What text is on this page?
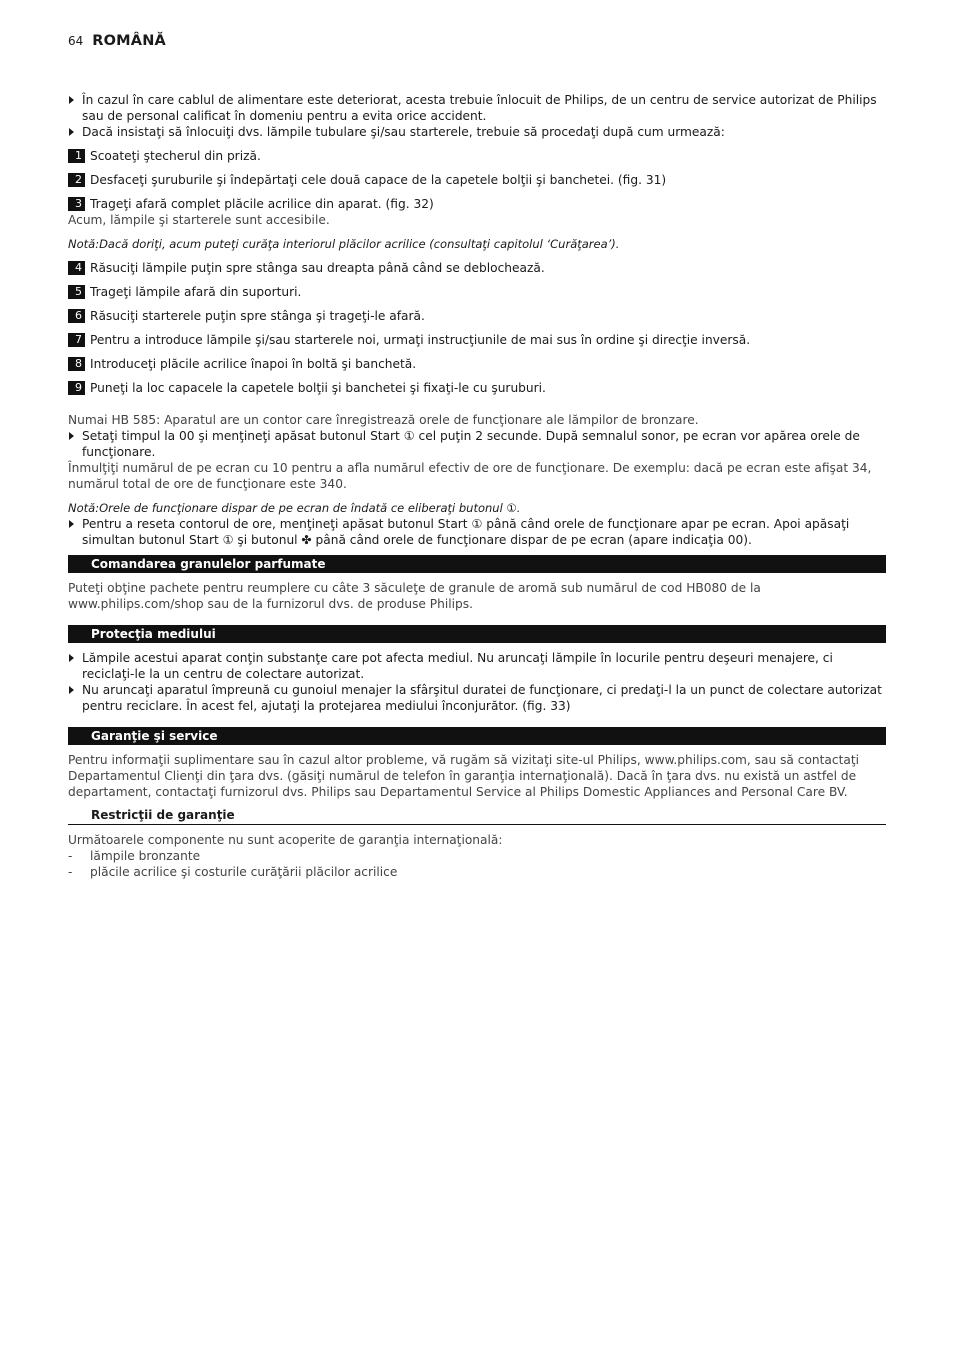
64 ROMÂNĂ

În cazul în care cablul de alimentare este deteriorat, acesta trebuie înlocuit de Philips, de un centru de service autorizat de Philips sau de personal calificat în domeniu pentru a evita orice accident.

Dacă insistaţi să înlocuiţi dvs. lămpile tubulare şi/sau starterele, trebuie să procedaţi după cum urmează:

1 Scoateţi ştecherul din priză.

2 Desfaceţi şuruburile şi îndepărtaţi cele două capace de la capetele bolţii şi banchetei. (fig. 31)

3 Trageţi afară complet plăcile acrilice din aparat. (fig. 32)

Acum, lămpile şi starterele sunt accesibile.

Notă:Dacă doriţi, acum puteţi curăţa interiorul plăcilor acrilice (consultaţi capitolul ‘Curăţarea’).

4 Răsuciţi lămpile puţin spre stânga sau dreapta până când se deblochează.

5 Trageţi lămpile afară din suporturi.

6 Răsuciţi starterele puţin spre stânga şi trageţi-le afară.

7 Pentru a introduce lămpile şi/sau starterele noi, urmaţi instrucţiunile de mai sus în ordine şi direcţie inversă.

8 Introduceţi plăcile acrilice înapoi în boltă şi banchetă.

9 Puneţi la loc capacele la capetele bolţii şi banchetei şi fixaţi-le cu şuruburi.

Numai HB 585: Aparatul are un contor care înregistrează orele de funcţionare ale lămpilor de bronzare.

Setaţi timpul la 00 şi menţineţi apăsat butonul Start ① cel puţin 2 secunde. După semnalul sonor, pe ecran vor apărea orele de funcţionare.

Înmulţiţi numărul de pe ecran cu 10 pentru a afla numărul efectiv de ore de funcţionare. De exemplu: dacă pe ecran este afişat 34, numărul total de ore de funcţionare este 340.

Notă:Orele de funcţionare dispar de pe ecran de îndată ce eliberaţi butonul ①.

Pentru a reseta contorul de ore, menţineţi apăsat butonul Start ① până când orele de funcţionare apar pe ecran. Apoi apăsaţi simultan butonul Start ① şi butonul ✤ până când orele de funcţionare dispar de pe ecran (apare indicaţia 00).

Comandarea granulelor parfumate

Puteţi obţine pachete pentru reumplere cu câte 3 săculeţe de granule de aromă sub numărul de cod HB080 de la www.philips.com/shop sau de la furnizorul dvs. de produse Philips.

Protecţia mediului

Lămpile acestui aparat conţin substanţe care pot afecta mediul. Nu aruncaţi lămpile în locurile pentru deşeuri menajere, ci reciclaţi-le la un centru de colectare autorizat.

Nu aruncaţi aparatul împreună cu gunoiul menajer la sfârşitul duratei de funcţionare, ci predaţi-l la un punct de colectare autorizat pentru reciclare. În acest fel, ajutaţi la protejarea mediului înconjurător. (fig. 33)

Garanţie şi service

Pentru informaţii suplimentare sau în cazul altor probleme, vă rugăm să vizitaţi site-ul Philips, www.philips.com, sau să contactaţi Departamentul Clienţi din ţara dvs. (găsiţi numărul de telefon în garanţia internaţională). Dacă în ţara dvs. nu există un astfel de departament, contactaţi furnizorul dvs. Philips sau Departamentul Service al Philips Domestic Appliances and Personal Care BV.

Restricţii de garanţie

Următoarele componente nu sunt acoperite de garanţia internaţională:

- lămpile bronzante

- plăcile acrilice şi costurile curăţării plăcilor acrilice
